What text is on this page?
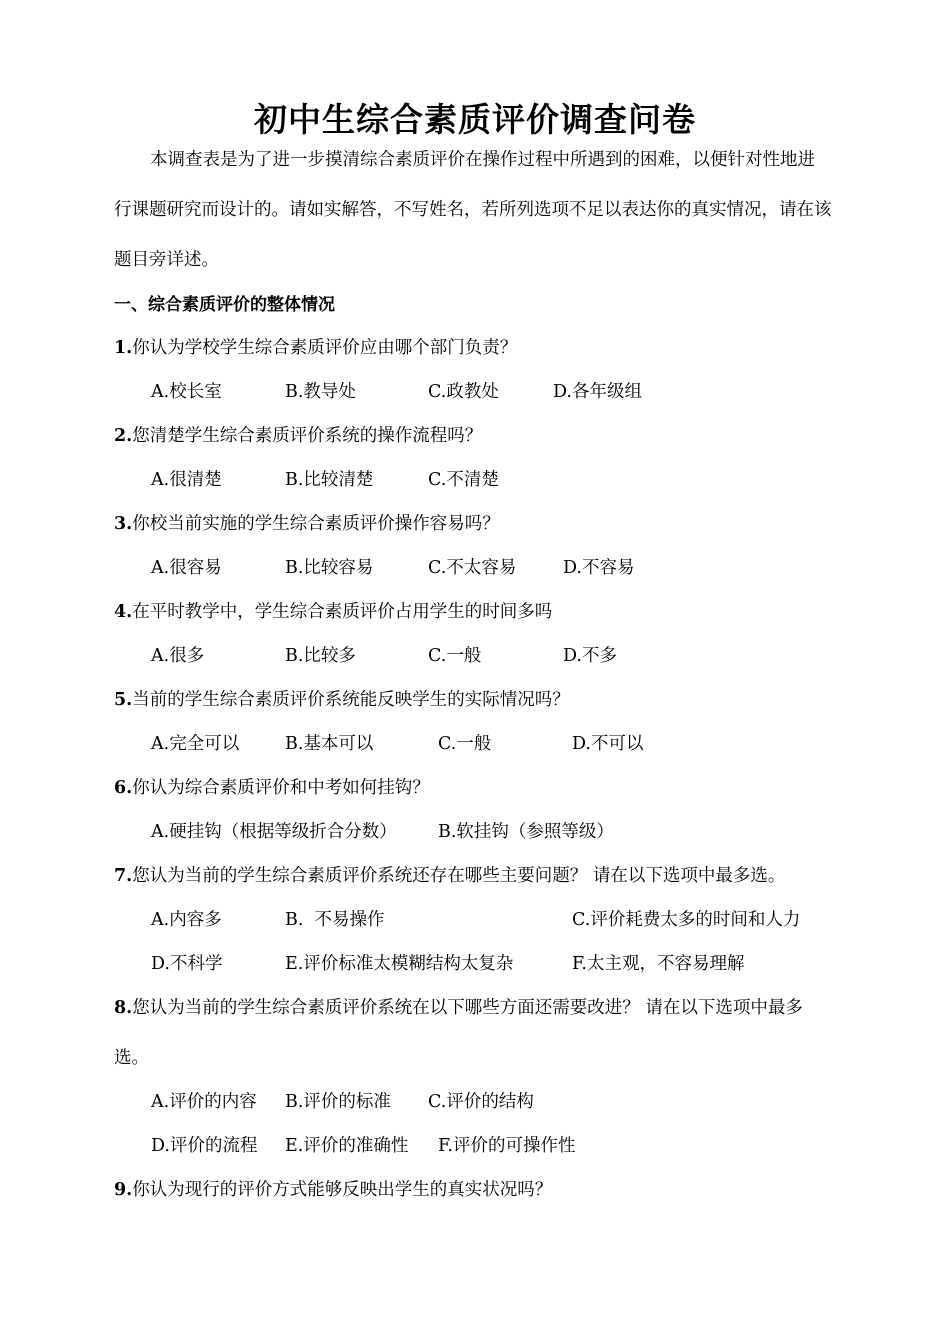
初中生综合素质评价调查问卷
本调查表是为了进一步摸清综合素质评价在操作过程中所遇到的困难，以便针对性地进
行课题研究而设计的。请如实解答，不写姓名，若所列选项不足以表达你的真实情况，请在该
题目旁详述。
一、综合素质评价的整体情况
1.你认为学校学生综合素质评价应由哪个部门负责？
A.校长室	B.教导处	C.政教处	D.各年级组
2.您清楚学生综合素质评价系统的操作流程吗？
A.很清楚	B.比较清楚	C.不清楚
3.你校当前实施的学生综合素质评价操作容易吗？
A.很容易	B.比较容易	C.不太容易	D.不容易
4.在平时教学中，学生综合素质评价占用学生的时间多吗
A.很多	B.比较多	C.一般	D.不多
5.当前的学生综合素质评价系统能反映学生的实际情况吗？
A.完全可以	B.基本可以	C.一般	D.不可以
6.你认为综合素质评价和中考如何挂钩？
A.硬挂钩（根据等级折合分数） B.软挂钩（参照等级）
7.您认为当前的学生综合素质评价系统还存在哪些主要问题？ 请在以下选项中最多选。
A.内容多	B.  不易操作	C.评价耗费太多的时间和人力
D.不科学	E.评价标准太模糊结构太复杂	F.太主观，不容易理解
8.您认为当前的学生综合素质评价系统在以下哪些方面还需要改进？ 请在以下选项中最多
选。
A.评价的内容 B.评价的标准 C.评价的结构
D.评价的流程 E.评价的准确性 F.评价的可操作性
9.你认为现行的评价方式能够反映出学生的真实状况吗？
